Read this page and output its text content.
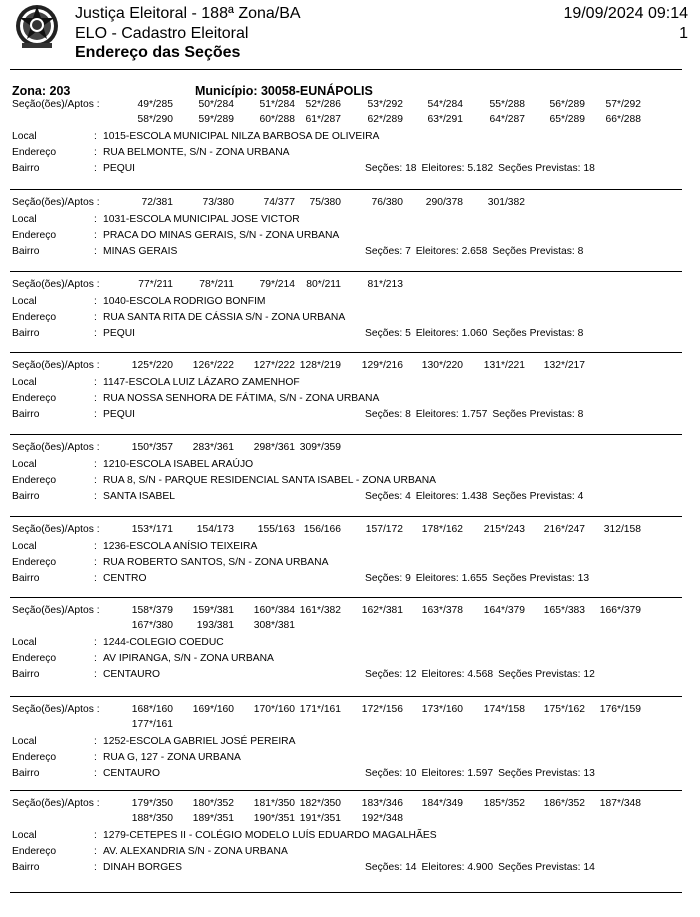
Justiça Eleitoral - 188ª Zona/BA
ELO - Cadastro Eleitoral
Endereço das Seções
19/09/2024 09:14
1
Zona: 203	Município: 30058-EUNÁPOLIS
Seção(ões)/Aptos :	49*/285	50*/284	51*/284	52*/286	53*/292	54*/284	55*/288	56*/289	57*/292
58*/290	59*/289	60*/288	61*/287	62*/289	63*/291	64*/287	65*/289	66*/288
Local	: 1015-ESCOLA MUNICIPAL NILZA BARBOSA DE OLIVEIRA
Endereço	: RUA BELMONTE, S/N - ZONA URBANA
Bairro	: PEQUI	Seções: 18 Eleitores: 5.182 Seções Previstas: 18
Seção(ões)/Aptos :	72/381	73/380	74/377	75/380	76/380	290/378	301/382
Local	: 1031-ESCOLA MUNICIPAL JOSE VICTOR
Endereço	: PRACA DO MINAS GERAIS, S/N - ZONA URBANA
Bairro	: MINAS GERAIS	Seções: 7 Eleitores: 2.658 Seções Previstas: 8
Seção(ões)/Aptos :	77*/211	78*/211	79*/214	80*/211	81*/213
Local	: 1040-ESCOLA RODRIGO BONFIM
Endereço	: RUA SANTA RITA DE CÁSSIA S/N - ZONA URBANA
Bairro	: PEQUI	Seções: 5 Eleitores: 1.060 Seções Previstas: 8
Seção(ões)/Aptos :	125*/220	126*/222	127*/222 128*/219	129*/216	130*/220	131*/221	132*/217
Local	: 1147-ESCOLA LUIZ LÁZARO ZAMENHOF
Endereço	: RUA NOSSA SENHORA DE FÁTIMA, S/N - ZONA URBANA
Bairro	: PEQUI	Seções: 8 Eleitores: 1.757 Seções Previstas: 8
Seção(ões)/Aptos :	150*/357	283*/361	298*/361 309*/359
Local	: 1210-ESCOLA ISABEL ARAÚJO
Endereço	: RUA 8, S/N - PARQUE RESIDENCIAL SANTA ISABEL - ZONA URBANA
Bairro	: SANTA ISABEL	Seções: 4 Eleitores: 1.438 Seções Previstas: 4
Seção(ões)/Aptos :	153*/171	154/173	155/163 156/166	157/172	178*/162	215*/243	216*/247	312/158
Local	: 1236-ESCOLA ANÍSIO TEIXEIRA
Endereço	: RUA ROBERTO SANTOS, S/N - ZONA URBANA
Bairro	: CENTRO	Seções: 9 Eleitores: 1.655 Seções Previstas: 13
Seção(ões)/Aptos :	158*/379	159*/381	160*/384 161*/382	162*/381	163*/378	164*/379	165*/383	166*/379
167*/380	193/381	308*/381
Local	: 1244-COLEGIO COEDUC
Endereço	: AV IPIRANGA, S/N - ZONA URBANA
Bairro	: CENTAURO	Seções: 12 Eleitores: 4.568 Seções Previstas: 12
Seção(ões)/Aptos :	168*/160	169*/160	170*/160 171*/161	172*/156	173*/160	174*/158	175*/162	176*/159
177*/161
Local	: 1252-ESCOLA GABRIEL JOSÉ PEREIRA
Endereço	: RUA G, 127 - ZONA URBANA
Bairro	: CENTAURO	Seções: 10 Eleitores: 1.597 Seções Previstas: 13
Seção(ões)/Aptos :	179*/350	180*/352	181*/350 182*/350	183*/346	184*/349	185*/352	186*/352	187*/348
188*/350	189*/351	190*/351 191*/351	192*/348
Local	: 1279-CETEPES II - COLÉGIO MODELO LUÍS EDUARDO MAGALHÃES
Endereço	: AV. ALEXANDRIA S/N - ZONA URBANA
Bairro	: DINAH BORGES	Seções: 14 Eleitores: 4.900 Seções Previstas: 14
